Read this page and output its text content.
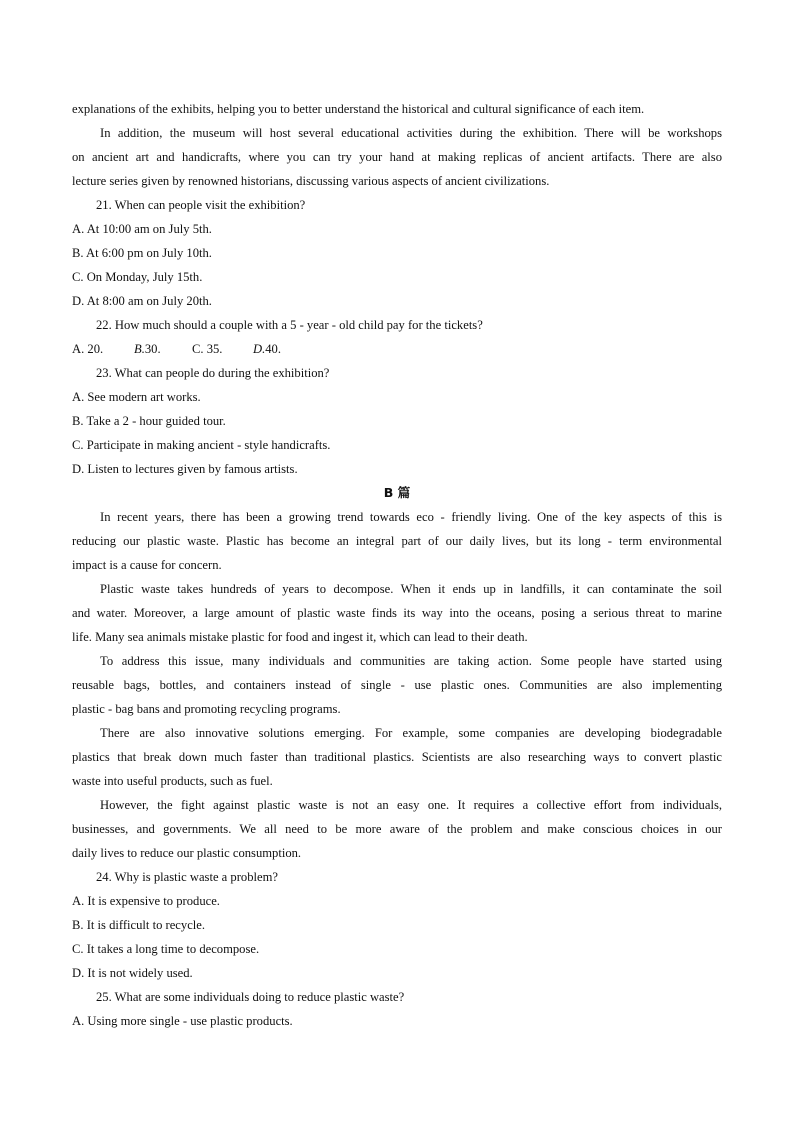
explanations of the exhibits, helping you to better understand the historical and cultural significance of each item.
In addition, the museum will host several educational activities during the exhibition. There will be workshops
on ancient art and handicrafts, where you can try your hand at making replicas of ancient artifacts. There are also
lecture series given by renowned historians, discussing various aspects of ancient civilizations.
21. When can people visit the exhibition?
A. At 10:00 am on July 5th.
B. At 6:00 pm on July 10th.
C. On Monday, July 15th.
D. At 8:00 am on July 20th.
22. How much should a couple with a 5 - year - old child pay for the tickets?
A. 20. B.30. C. 35. D.40.
23. What can people do during the exhibition?
A. See modern art works.
B. Take a 2 - hour guided tour.
C. Participate in making ancient - style handicrafts.
D. Listen to lectures given by famous artists.
B 篇
In recent years, there has been a growing trend towards eco - friendly living. One of the key aspects of this is
reducing our plastic waste. Plastic has become an integral part of our daily lives, but its long - term environmental
impact is a cause for concern.
Plastic waste takes hundreds of years to decompose. When it ends up in landfills, it can contaminate the soil
and water. Moreover, a large amount of plastic waste finds its way into the oceans, posing a serious threat to marine
life. Many sea animals mistake plastic for food and ingest it, which can lead to their death.
To address this issue, many individuals and communities are taking action. Some people have started using
reusable bags, bottles, and containers instead of single - use plastic ones. Communities are also implementing
plastic - bag bans and promoting recycling programs.
There are also innovative solutions emerging. For example, some companies are developing biodegradable
plastics that break down much faster than traditional plastics. Scientists are also researching ways to convert plastic
waste into useful products, such as fuel.
However, the fight against plastic waste is not an easy one. It requires a collective effort from individuals,
businesses, and governments. We all need to be more aware of the problem and make conscious choices in our
daily lives to reduce our plastic consumption.
24. Why is plastic waste a problem?
A. It is expensive to produce.
B. It is difficult to recycle.
C. It takes a long time to decompose.
D. It is not widely used.
25. What are some individuals doing to reduce plastic waste?
A. Using more single - use plastic products.
